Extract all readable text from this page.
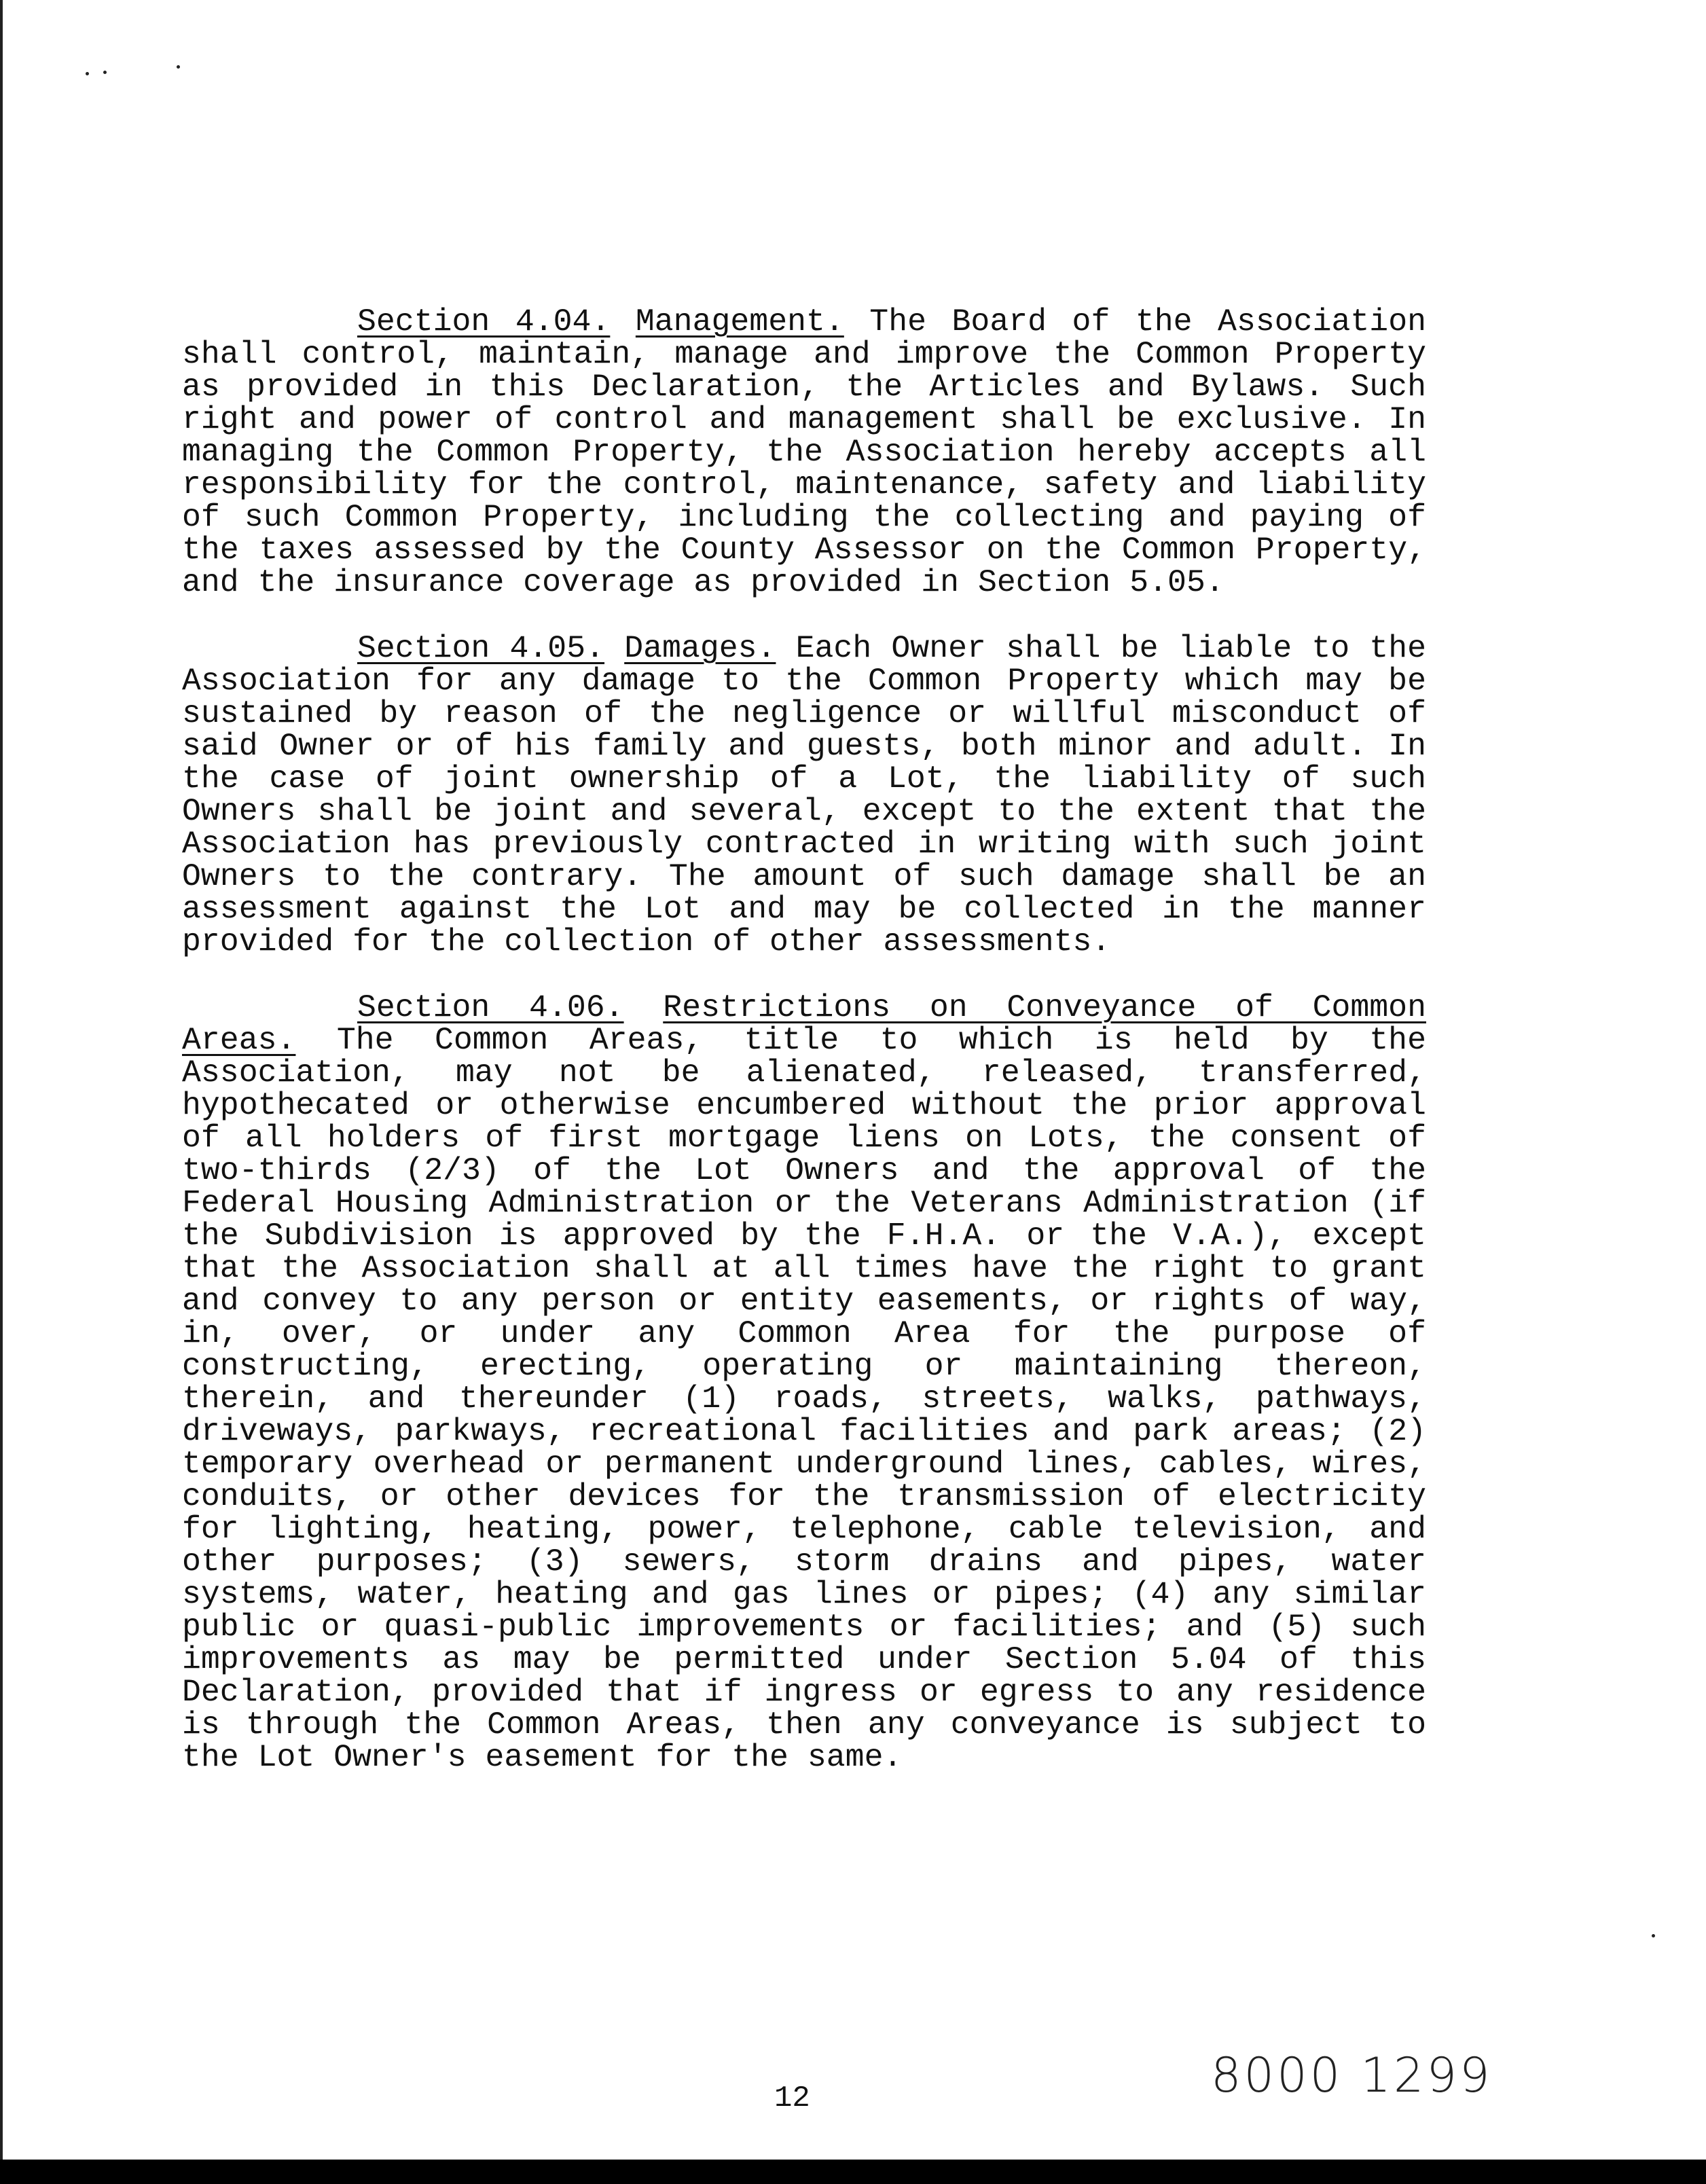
Section 4.04. Management. The Board of the Association shall control, maintain, manage and improve the Common Property as provided in this Declaration, the Articles and Bylaws. Such right and power of control and management shall be exclusive. In managing the Common Property, the Association hereby accepts all responsibility for the control, maintenance, safety and liability of such Common Property, including the collecting and paying of the taxes assessed by the County Assessor on the Common Property, and the insurance coverage as provided in Section 5.05.

Section 4.05. Damages. Each Owner shall be liable to the Association for any damage to the Common Property which may be sustained by reason of the negligence or willful misconduct of said Owner or of his family and guests, both minor and adult. In the case of joint ownership of a Lot, the liability of such Owners shall be joint and several, except to the extent that the Association has previously contracted in writing with such joint Owners to the contrary. The amount of such damage shall be an assessment against the Lot and may be collected in the manner provided for the collection of other assessments.

Section 4.06. Restrictions on Conveyance of Common Areas. The Common Areas, title to which is held by the Association, may not be alienated, released, transferred, hypothecated or otherwise encumbered without the prior approval of all holders of first mortgage liens on Lots, the consent of two-thirds (2/3) of the Lot Owners and the approval of the Federal Housing Administration or the Veterans Administration (if the Subdivision is approved by the F.H.A. or the V.A.), except that the Association shall at all times have the right to grant and convey to any person or entity easements, or rights of way, in, over, or under any Common Area for the purpose of constructing, erecting, operating or maintaining thereon, therein, and thereunder (1) roads, streets, walks, pathways, driveways, parkways, recreational facilities and park areas; (2) temporary overhead or permanent underground lines, cables, wires, conduits, or other devices for the transmission of electricity for lighting, heating, power, telephone, cable television, and other purposes; (3) sewers, storm drains and pipes, water systems, water, heating and gas lines or pipes; (4) any similar public or quasi-public improvements or facilities; and (5) such improvements as may be permitted under Section 5.04 of this Declaration, provided that if ingress or egress to any residence is through the Common Areas, then any conveyance is subject to the Lot Owner's easement for the same.

8000 1299
12
